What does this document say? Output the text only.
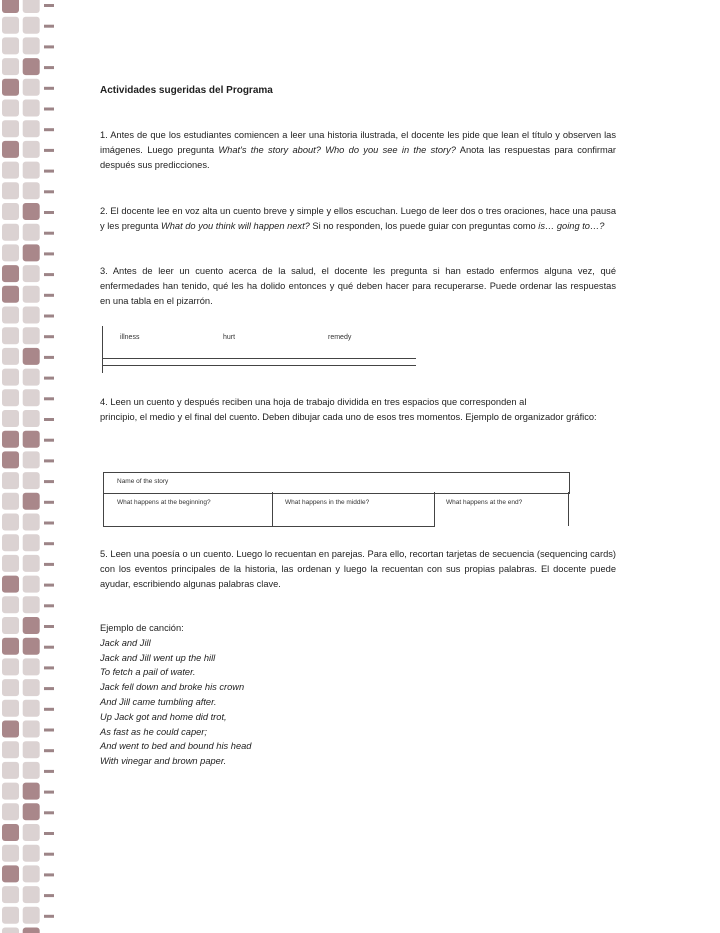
Actividades sugeridas del Programa
1. Antes de que los estudiantes comiencen a leer una historia ilustrada, el docente les pide que lean el título y observen las imágenes. Luego pregunta What's the story about? Who do you see in the story? Anota las respuestas para confirmar después sus predicciones.
2. El docente lee en voz alta un cuento breve y simple y ellos escuchan. Luego de leer dos o tres oraciones, hace una pausa y les pregunta What do you think will happen next? Si no responden, los puede guiar con preguntas como is… going to…?
3. Antes de leer un cuento acerca de la salud, el docente les pregunta si han estado enfermos alguna vez, qué enfermedades han tenido, qué les ha dolido entonces y qué deben hacer para recuperarse. Puede ordenar las respuestas en una tabla en el pizarrón.
illness	hurt	remedy
4. Leen un cuento y después reciben una hoja de trabajo dividida en tres espacios que corresponden al
principio, el medio y el final del cuento. Deben dibujar cada uno de esos tres momentos. Ejemplo de organizador gráfico:
Name of the story
What happens at the beginning?	What happens in the middle?	What happens at the end?
5. Leen una poesía o un cuento. Luego lo recuentan en parejas. Para ello, recortan tarjetas de secuencia (sequencing cards) con los eventos principales de la historia, las ordenan y luego la recuentan con sus propias palabras. El docente puede ayudar, escribiendo algunas palabras clave.
Ejemplo de canción:
Jack and Jill
Jack and Jill went up the hill
To fetch a pail of water.
Jack fell down and broke his crown
And Jill came tumbling after.
Up Jack got and home did trot,
As fast as he could caper;
And went to bed and bound his head
With vinegar and brown paper.
